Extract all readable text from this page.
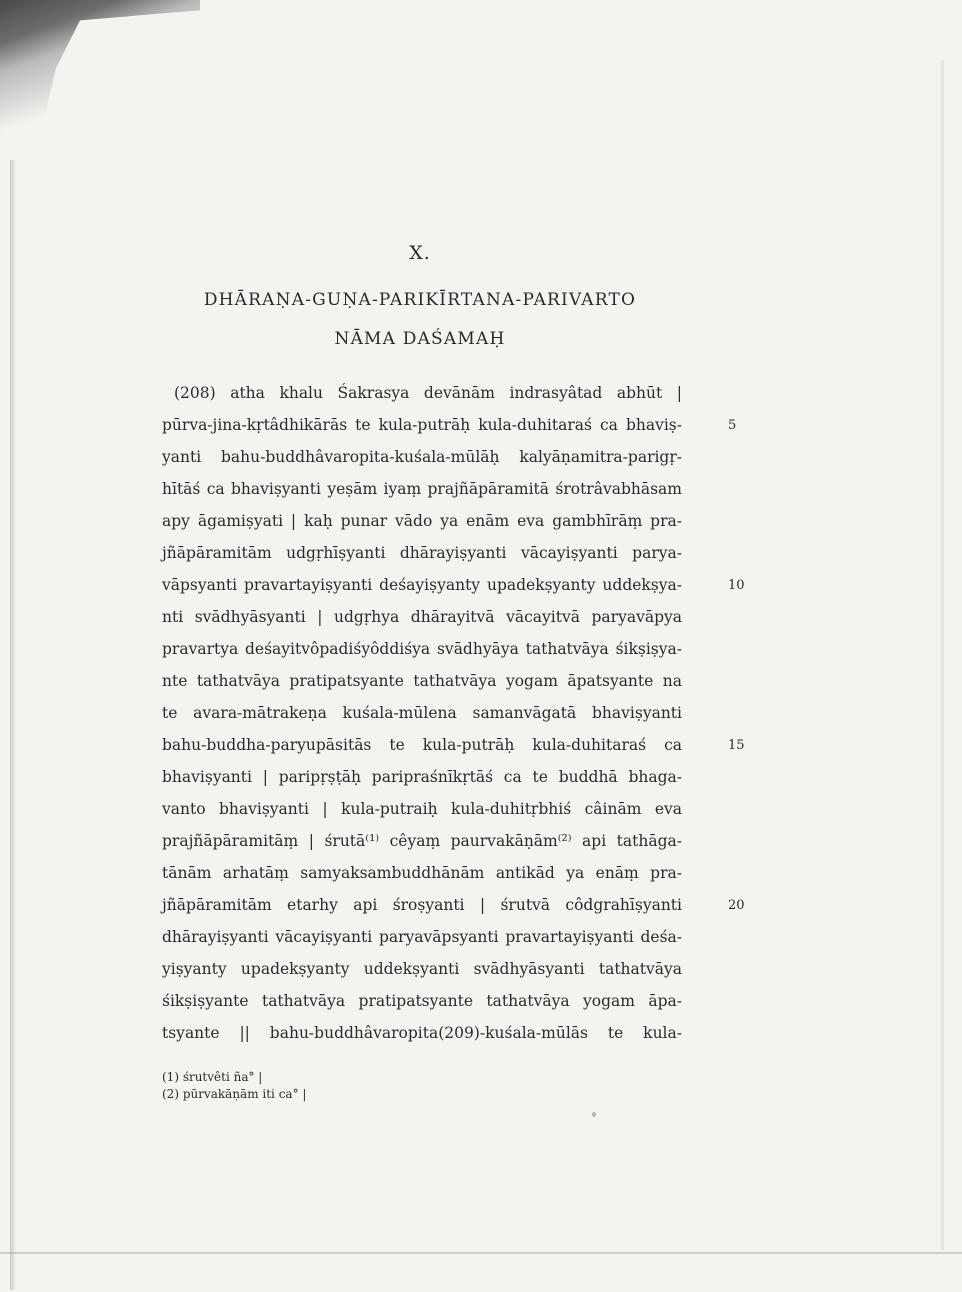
X.
DHĀRAṆA-GUṆA-PARIKĪRTANA-PARIVARTO
NĀMA DAŚAMAḤ
(208) atha khalu Śakrasya devānām indrasyâtad abhūt |
pūrva-jina-kṛtâdhikārās te kula-putrāḥ kula-duhitaraś ca bhaviṣ-
yanti bahu-buddhâvaropita-kuśala-mūlāḥ kalyāṇamitra-parigṛ-
hītāś ca bhaviṣyanti yeṣām iyaṃ prajñāpāramitā śrotrâvabhāsam
apy āgamiṣyati | kaḥ punar vādo ya enām eva gambhīrāṃ pra-
jñāpāramitām udgṛhīṣyanti dhārayiṣyanti vācayiṣyanti parya-
vāpsyanti pravartayiṣyanti deśayiṣyanty upadekṣyanty uddekṣya-
nti svādhyāsyanti | udgṛhya dhārayitvā vācayitvā paryavāpya
pravartya deśayitvôpadiśyôddiśya svādhyāya tathatvāya śikṣiṣya-
nte tathatvāya pratipatsyante tathatvāya yogam āpatsyante na
te avara-mātrakeṇa kuśala-mūlena samanvāgatā bhaviṣyanti
bahu-buddha-paryupāsitās te kula-putrāḥ kula-duhitaraś ca
bhaviṣyanti | paripṛṣṭāḥ paripraśnīkṛtāś ca te buddhā bhaga-
vanto bhaviṣyanti | kula-putraiḥ kula-duhitṛbhiś câinām eva
prajñāpāramitāṃ | śrutā⁽¹⁾ cêyaṃ paurvakāṇām⁽²⁾ api tathāga-
tānām arhatāṃ samyaksambuddhānām antikād ya enāṃ pra-
jñāpāramitām etarhy api śroṣyanti | śrutvā côdgrahīṣyanti
dhārayiṣyanti vācayiṣyanti paryavāpsyanti pravartayiṣyanti deśa-
yiṣyanty upadekṣyanty uddekṣyanti svādhyāsyanti tathatvāya
śikṣiṣyante tathatvāya pratipatsyante tathatvāya yogam āpa-
tsyante || bahu-buddhâvaropita(209)-kuśala-mūlās te kula-
5
10
15
20
(1) śrutvêti ña° |
(2) pūrvakāṇām iti ca° |
